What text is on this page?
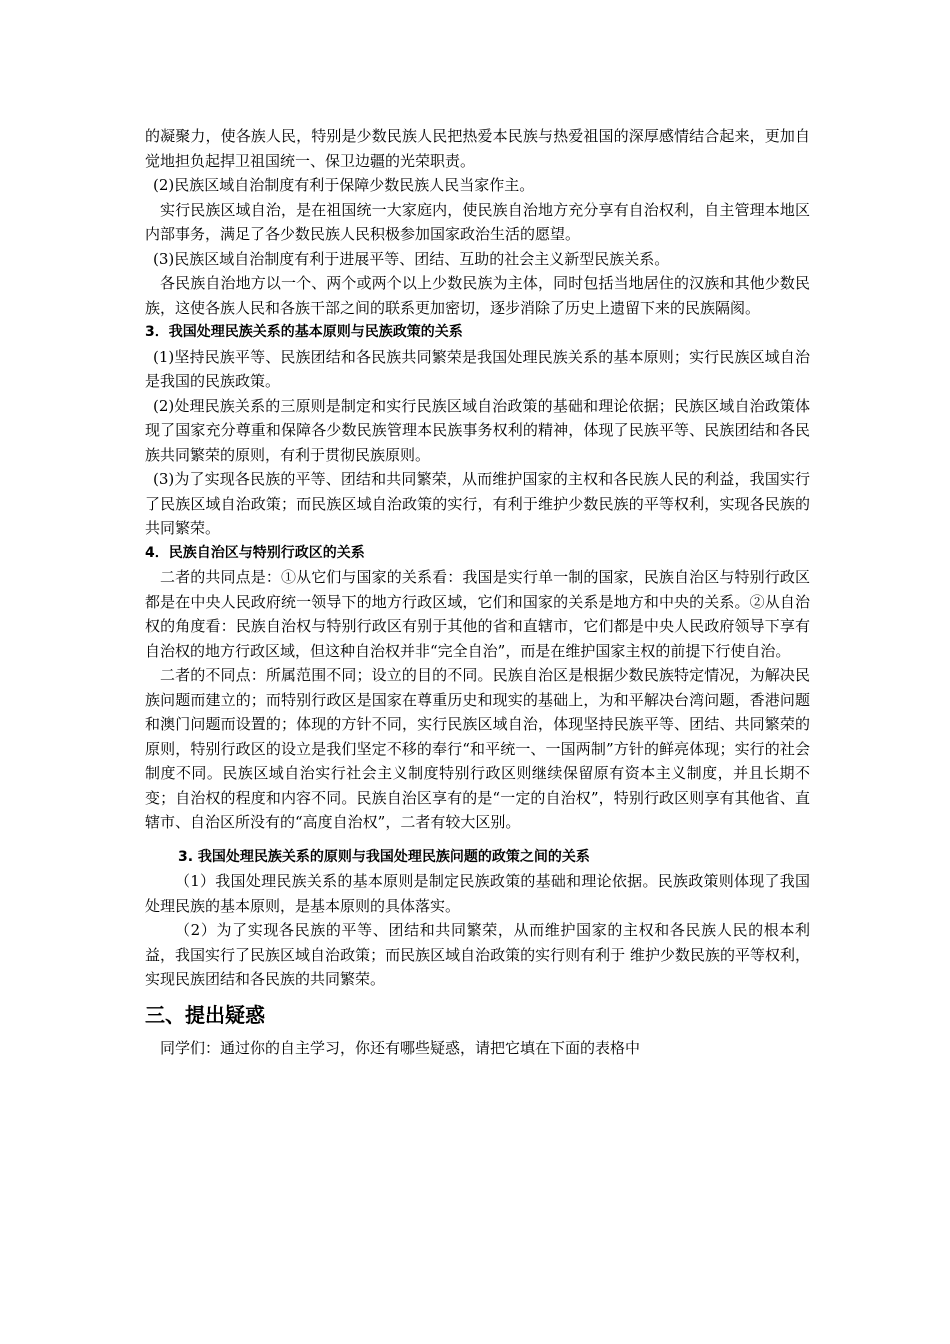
的凝聚力，使各族人民，特别是少数民族人民把热爱本民族与热爱祖国的深厚感情结合起来，更加自觉地担负起捍卫祖国统一、保卫边疆的光荣职责。

(2)民族区域自治制度有利于保障少数民族人民当家作主。

实行民族区域自治，是在祖国统一大家庭内，使民族自治地方充分享有自治权利，自主管理本地区内部事务，满足了各少数民族人民积极参加国家政治生活的愿望。

(3)民族区域自治制度有利于进展平等、团结、互助的社会主义新型民族关系。

各民族自治地方以一个、两个或两个以上少数民族为主体，同时包括当地居住的汉族和其他少数民族，这使各族人民和各族干部之间的联系更加密切，逐步消除了历史上遗留下来的民族隔阂。

3．我国处理民族关系的基本原则与民族政策的关系

(1)坚持民族平等、民族团结和各民族共同繁荣是我国处理民族关系的基本原则；实行民族区域自治是我国的民族政策。

(2)处理民族关系的三原则是制定和实行民族区域自治政策的基础和理论依据；民族区域自治政策体现了国家充分尊重和保障各少数民族管理本民族事务权利的精神，体现了民族平等、民族团结和各民族共同繁荣的原则，有利于贯彻民族原则。

(3)为了实现各民族的平等、团结和共同繁荣，从而维护国家的主权和各民族人民的利益，我国实行了民族区域自治政策；而民族区域自治政策的实行，有利于维护少数民族的平等权利，实现各民族的共同繁荣。

4．民族自治区与特别行政区的关系

二者的共同点是：①从它们与国家的关系看：我国是实行单一制的国家，民族自治区与特别行政区都是在中央人民政府统一领导下的地方行政区域，它们和国家的关系是地方和中央的关系。②从自治权的角度看：民族自治权与特别行政区有别于其他的省和直辖市，它们都是中央人民政府领导下享有自治权的地方行政区域，但这种自治权并非“完全自治”，而是在维护国家主权的前提下行使自治。

二者的不同点：所属范围不同；设立的目的不同。民族自治区是根据少数民族特定情况，为解决民族问题而建立的；而特别行政区是国家在尊重历史和现实的基础上，为和平解决台湾问题，香港问题和澳门问题而设置的；体现的方针不同，实行民族区域自治，体现坚持民族平等、团结、共同繁荣的原则，特别行政区的设立是我们坚定不移的奉行“和平统一、一国两制”方针的鲜亮体现；实行的社会制度不同。民族区域自治实行社会主义制度特别行政区则继续保留原有资本主义制度，并且长期不变；自治权的程度和内容不同。民族自治区享有的是“一定的自治权”，特别行政区则享有其他省、直辖市、自治区所没有的“高度自治权”，二者有较大区别。

3. 我国处理民族关系的原则与我国处理民族问题的政策之间的关系

（1）我国处理民族关系的基本原则是制定民族政策的基础和理论依据。民族政策则体现了我国处理民族的基本原则，是基本原则的具体落实。

（2）为了实现各民族的平等、团结和共同繁荣，从而维护国家的主权和各民族人民的根本利益，我国实行了民族区域自治政策；而民族区域自治政策的实行则有利于 维护少数民族的平等权利，实现民族团结和各民族的共同繁荣。

三、提出疑惑

同学们：通过你的自主学习，你还有哪些疑惑，请把它填在下面的表格中
